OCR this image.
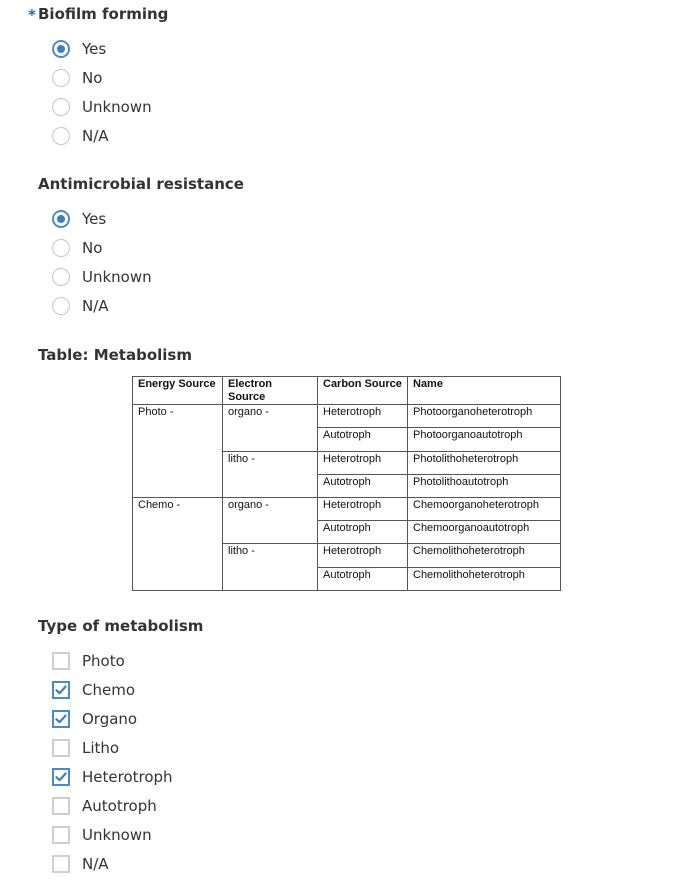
* Biofilm forming
Yes
No
Unknown
N/A
Antimicrobial resistance
Yes
No
Unknown
N/A
Table: Metabolism
Energy Source	Electron Source	Carbon Source	Name
Photo -	organo -	Heterotroph	Photoorganoheterotroph
		Autotroph	Photoorganoautotroph
	litho -	Heterotroph	Photolithoheterotroph
		Autotroph	Photolithoautotroph
Chemo -	organo -	Heterotroph	Chemoorganoheterotroph
		Autotroph	Chemoorganoautotroph
	litho -	Heterotroph	Chemolithoheterotroph
		Autotroph	Chemolithoheterotroph
Type of metabolism
Photo
Chemo
Organo
Litho
Heterotroph
Autotroph
Unknown
N/A
